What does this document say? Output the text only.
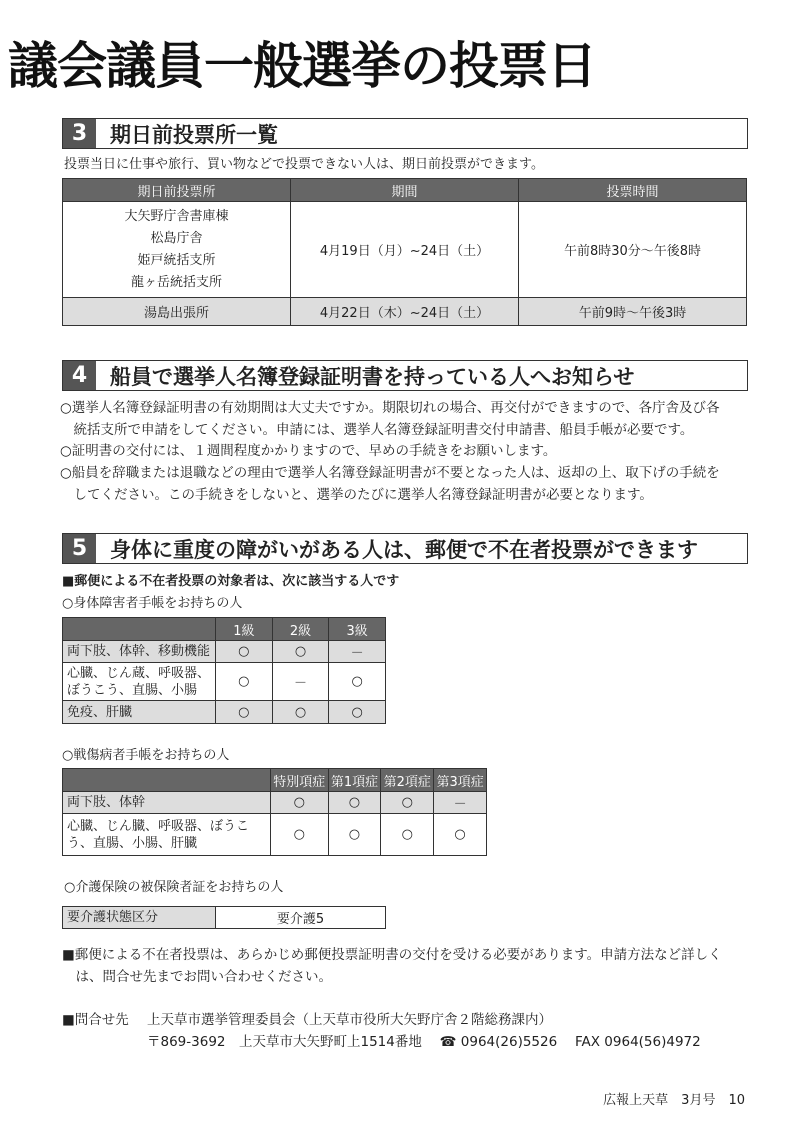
議会議員一般選挙の投票日
3	期日前投票所一覧
投票当日に仕事や旅行、買い物などで投票できない人は、期日前投票ができます。
期日前投票所	期間	投票時間

大矢野庁舎書庫棟
松島庁舎
姫戸統括支所
龍ヶ岳統括支所	4月19日（月）~24日（土）	午前8時30分～午後8時
湯島出張所	4月22日（木）~24日（土）	午前9時～午後3時
4	船員で選挙人名簿登録証明書を持っている人へお知らせ
○選挙人名簿登録証明書の有効期間は大丈夫ですか。期限切れの場合、再交付ができますので、各庁舎及び各
　統括支所で申請をしてください。申請には、選挙人名簿登録証明書交付申請書、船員手帳が必要です。
○証明書の交付には、１週間程度かかりますので、早めの手続きをお願いします。
○船員を辞職または退職などの理由で選挙人名簿登録証明書が不要となった人は、返却の上、取下げの手続を
　してください。この手続きをしないと、選挙のたびに選挙人名簿登録証明書が必要となります。
5	身体に重度の障がいがある人は、郵便で不在者投票ができます
■郵便による不在者投票の対象者は、次に該当する人です
○身体障害者手帳をお持ちの人
	1級	2級	3級
両下肢、体幹、移動機能	○	○	－
心臓、じん蔵、呼吸器、ぼうこう、直腸、小腸	○	－	○
免疫、肝臓	○	○	○
○戦傷病者手帳をお持ちの人
	特別項症	第1項症	第2項症	第3項症
両下肢、体幹	○	○	○	－
心臓、じん臓、呼吸器、ぼうこう、直腸、小腸、肝臓	○	○	○	○
○介護保険の被保険者証をお持ちの人
要介護状態区分	要介護5
■郵便による不在者投票は、あらかじめ郵便投票証明書の交付を受ける必要があります。申請方法など詳しく
　は、問合せ先までお問い合わせください。
■問合せ先 上天草市選挙管理委員会（上天草市役所大矢野庁舎２階総務課内）
〒869-3692　上天草市大矢野町上1514番地　 ☎ 0964(26)5526　 FAX 0964(56)4972
広報上天草　3月号　10
